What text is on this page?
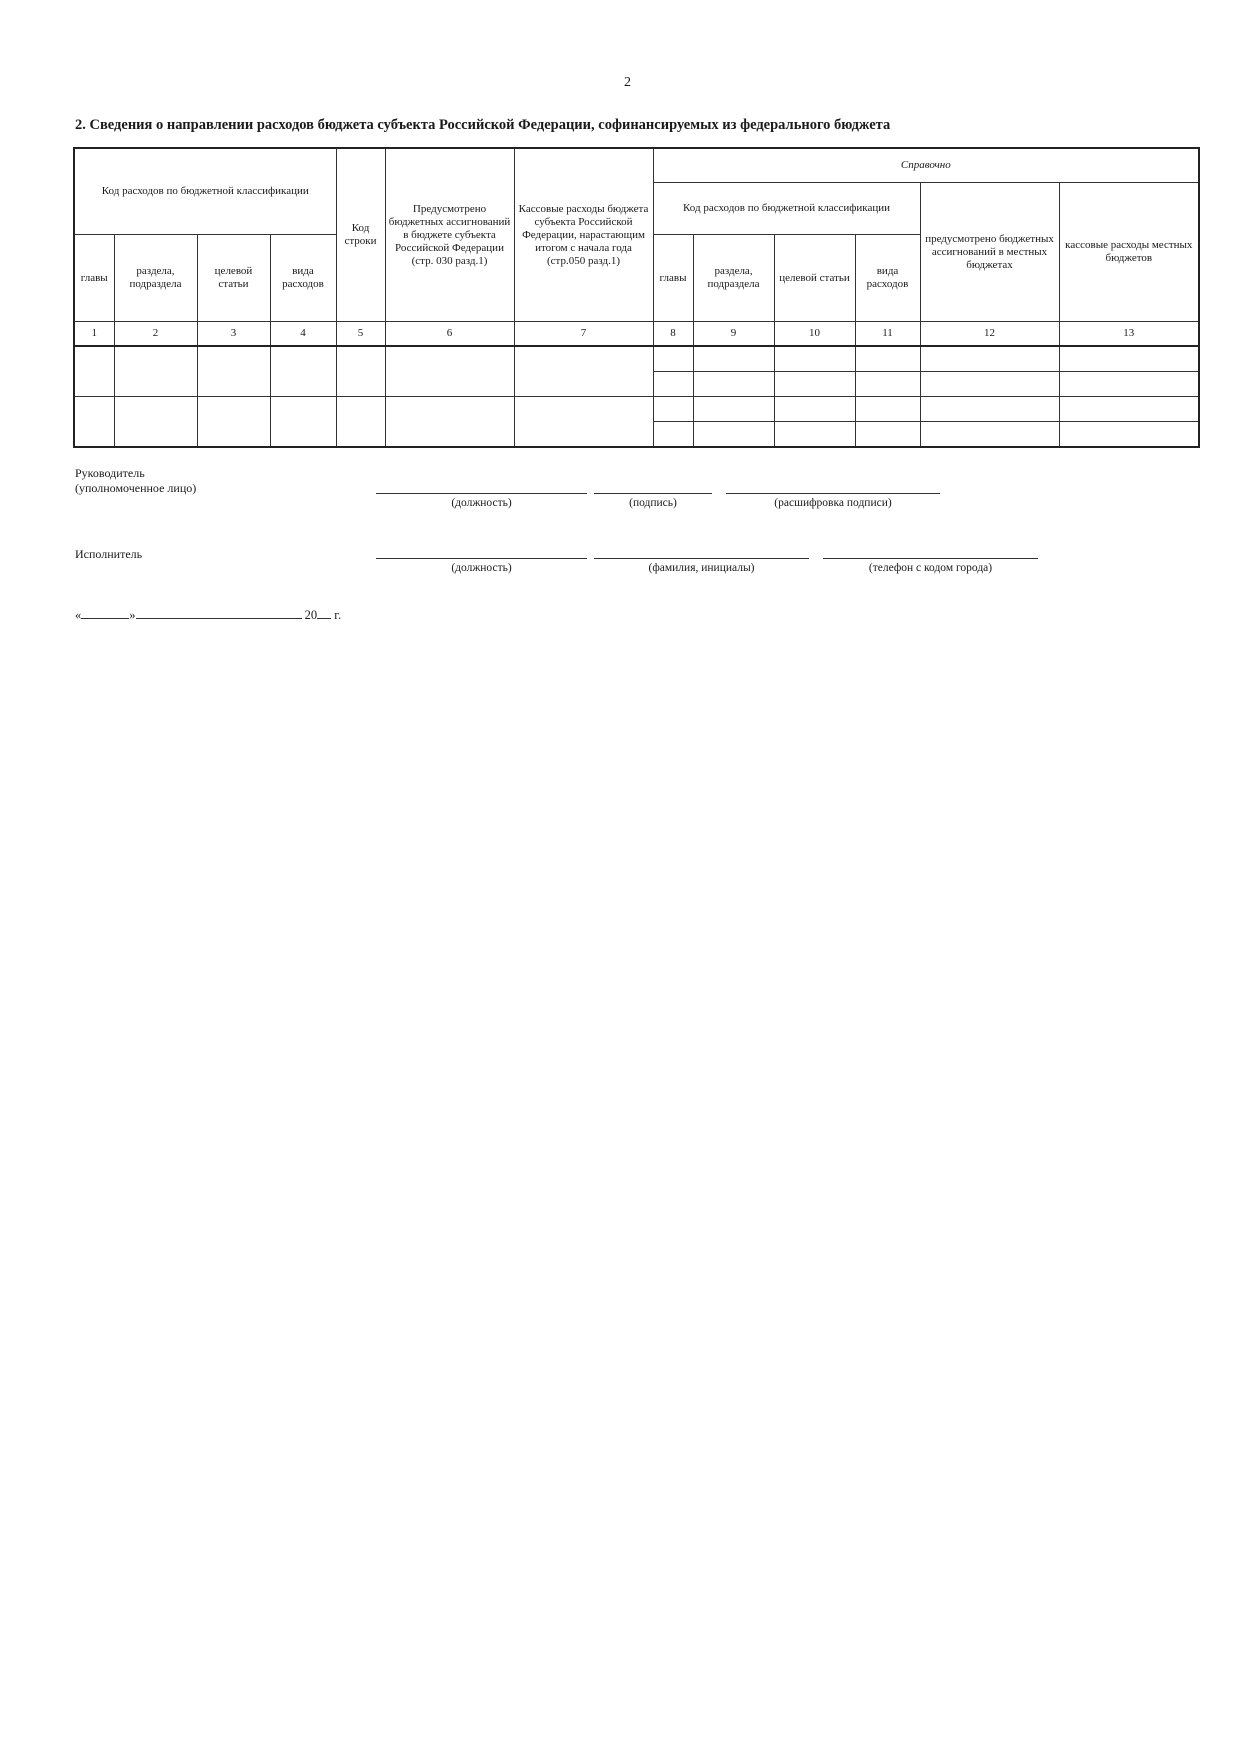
2
2. Сведения о направлении расходов бюджета субъекта Российской Федерации, софинансируемых из федерального бюджета
Код расходов по бюджетной классификации				Код строки	Предусмотрено бюджетных ассигнований в бюджете субъекта Российской Федерации (стр. 030 разд.1)	Кассовые расходы бюджета субъекта Российской Федерации, нарастающим итогом с начала года (стр.050 разд.1)	Справочно					
							Код расходов по бюджетной классификации				предусмотрено бюджетных ассигнований в местных бюджетах	кассовые расходы местных бюджетов
главы	раздела, подраздела	целевой статьи	вида расходов				главы	раздела, подраздела	целевой статьи	вида расходов		
1	2	3	4	5	6	7	8	9	10	11	12	13

Руководитель
(уполномоченное лицо)
(должность)	(подпись)	(расшифровка подписи)
Исполнитель
(должность)	(фамилия, инициалы)	(телефон с кодом города)
«	»	20 г.
